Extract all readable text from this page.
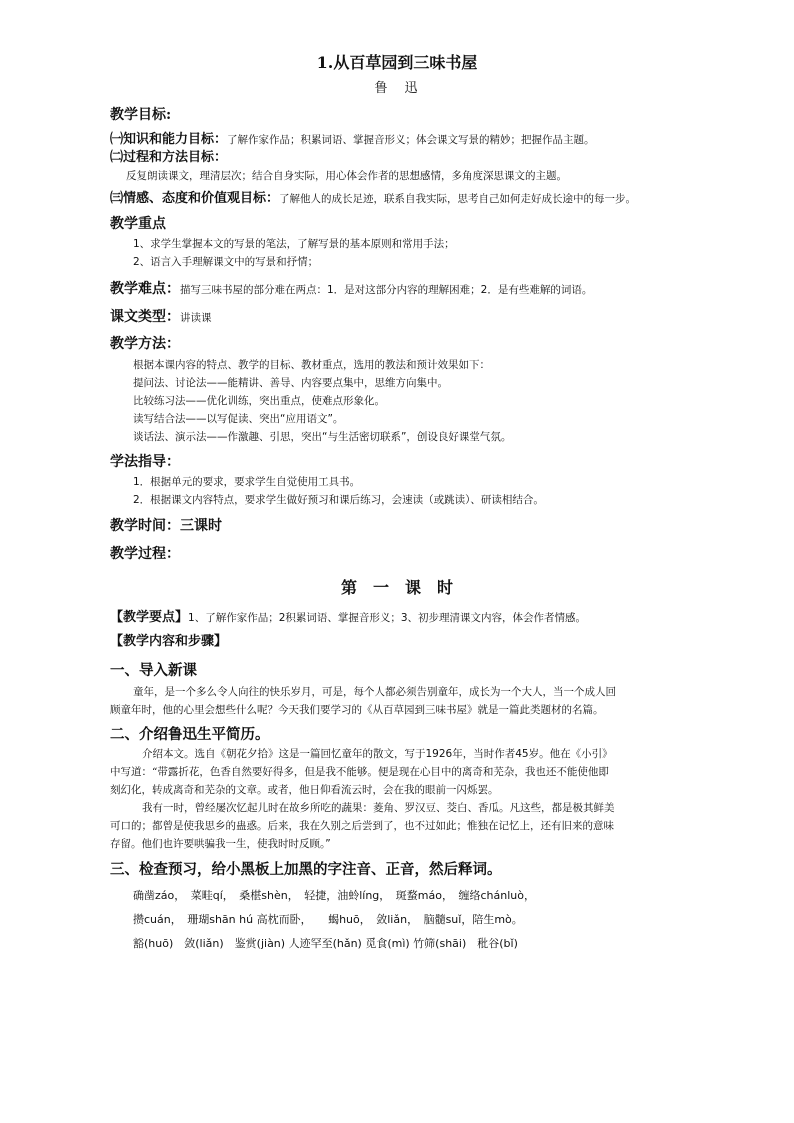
1.从百草园到三味书屋

鲁　迅

教学目标:

㈠知识和能力目标：了解作家作品；积累词语、掌握音形义；体会课文写景的精妙；把握作品主题。

㈡过程和方法目标：

反复朗读课文，理清层次；结合自身实际，用心体会作者的思想感情，多角度深思课文的主题。

㈢情感、态度和价值观目标：了解他人的成长足迹，联系自我实际，思考自己如何走好成长途中的每一步。

教学重点

1、求学生掌握本文的写景的笔法，了解写景的基本原则和常用手法；

2、语言入手理解课文中的写景和抒情；

教学难点：描写三味书屋的部分难在两点：1．是对这部分内容的理解困难；2．是有些难解的词语。

课文类型：讲读课

教学方法：

根据本课内容的特点、教学的目标、教材重点，选用的教法和预计效果如下：

提问法、讨论法——能精讲、善导、内容要点集中，思维方向集中。

比较练习法——优化训练，突出重点，使难点形象化。

读写结合法——以写促读、突出“应用语文”。

谈话法、演示法——作激趣、引思，突出“与生活密切联系”，创设良好课堂气氛。

学法指导：

1．根据单元的要求，要求学生自觉使用工具书。

2．根据课文内容特点，要求学生做好预习和课后练习，会速读（或跳读）、研读相结合。

教学时间：三课时

教学过程：

第　一　课　时

【教学要点】1、了解作家作品；2积累词语、掌握音形义；3、初步理清课文内容，体会作者情感。

【教学内容和步骤】

一、导入新课

童年，是一个多么令人向往的快乐岁月，可是，每个人都必须告别童年，成长为一个大人，当一个成人回

顾童年时，他的心里会想些什么呢？今天我们要学习的《从百草园到三味书屋》就是一篇此类题材的名篇。

二、介绍鲁迅生平简历。

介绍本文。选自《朝花夕拾》这是一篇回忆童年的散文，写于1926年，当时作者45岁。他在《小引》

中写道：“带露折花，色香自然要好得多，但是我不能够。便是现在心目中的离奇和芜杂，我也还不能使他即

刻幻化，转成离奇和芜杂的文章。或者，他日仰看流云时，会在我的眼前一闪烁罢。

我有一时，曾经屡次忆起儿时在故乡所吃的蔬果：菱角、罗汉豆、茭白、香瓜。凡这些，都是极其鲜美

可口的；都曾是使我思乡的蛊惑。后来，我在久别之后尝到了，也不过如此；惟独在记忆上，还有旧来的意味

存留。他们也许要哄骗我一生，使我时时反顾。”

三、检查预习，给小黑板上加黑的字注音、正音，然后释词。

确凿záo，　菜畦qí，　桑椹shèn，　轻捷，油蛉líng，　斑蝥máo，　缠络chánluò，

攒cuán，　珊瑚shān hú 高枕而卧，　　蝎huō，　敛liǎn，　脑髓suǐ，陪生mò。

豁(huō)　敛(liǎn)　鉴赏(jiàn) 人迹罕至(hǎn) 觅食(mì) 竹筛(shāi)　秕谷(bǐ)
